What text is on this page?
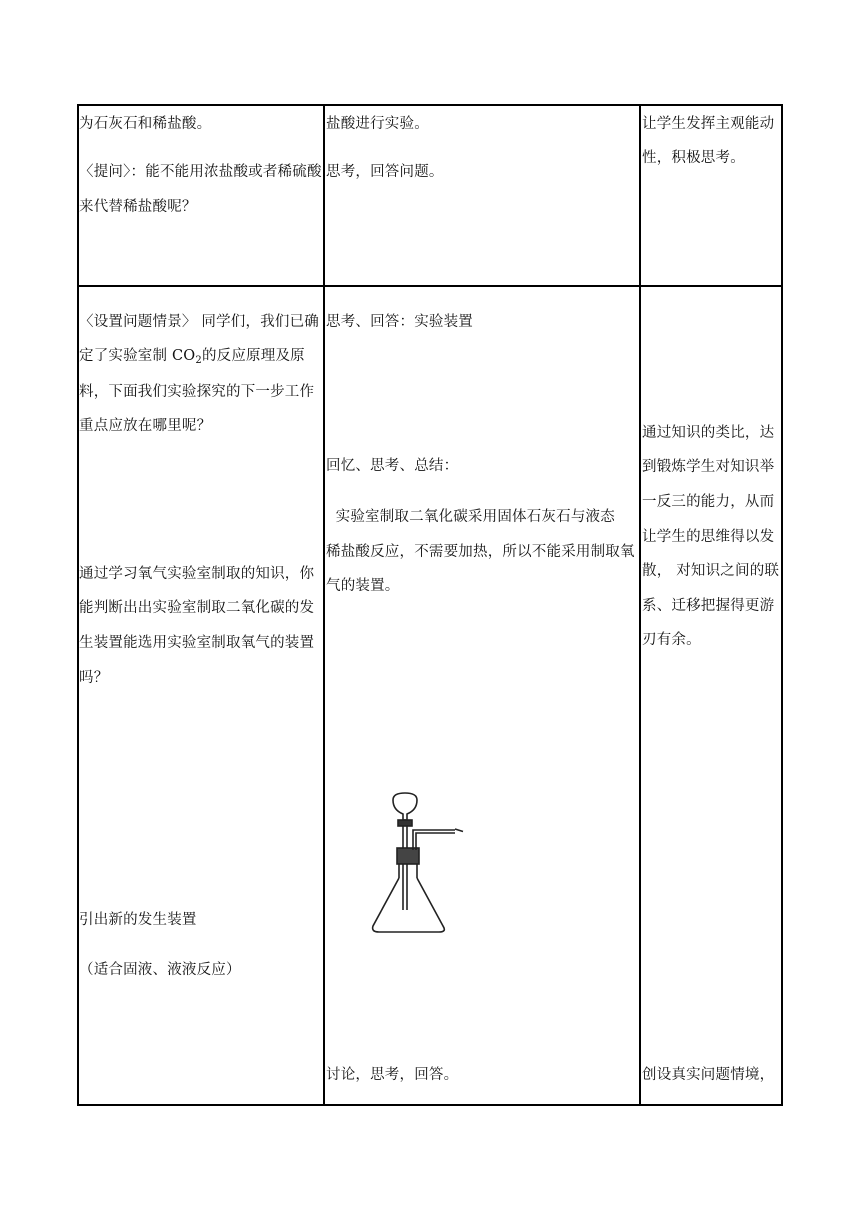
为石灰石和稀盐酸。

〈提问〉：能不能用浓盐酸或者稀硫酸

来代替稀盐酸呢？

盐酸进行实验。

思考，回答问题。

让学生发挥主观能动

性，积极思考。

〈设置问题情景〉 同学们，我们已确

定了实验室制 $CO_2$的反应原理及原

料，下面我们实验探究的下一步工作

重点应放在哪里呢？

通过学习氧气实验室制取的知识，你

能判断出出实验室制取二氧化碳的发

生装置能选用实验室制取氧气的装置

吗？

引出新的发生装置

（适合固液、液液反应）

思考、回答：实验装置

回忆、思考、总结：

实验室制取二氧化碳采用固体石灰石与液态

稀盐酸反应，不需要加热，所以不能采用制取氧

气的装置。

讨论，思考，回答。

通过知识的类比，达

到锻炼学生对知识举

一反三的能力，从而

让学生的思维得以发

散， 对知识之间的联

系、迁移把握得更游

刃有余。

创设真实问题情境，
